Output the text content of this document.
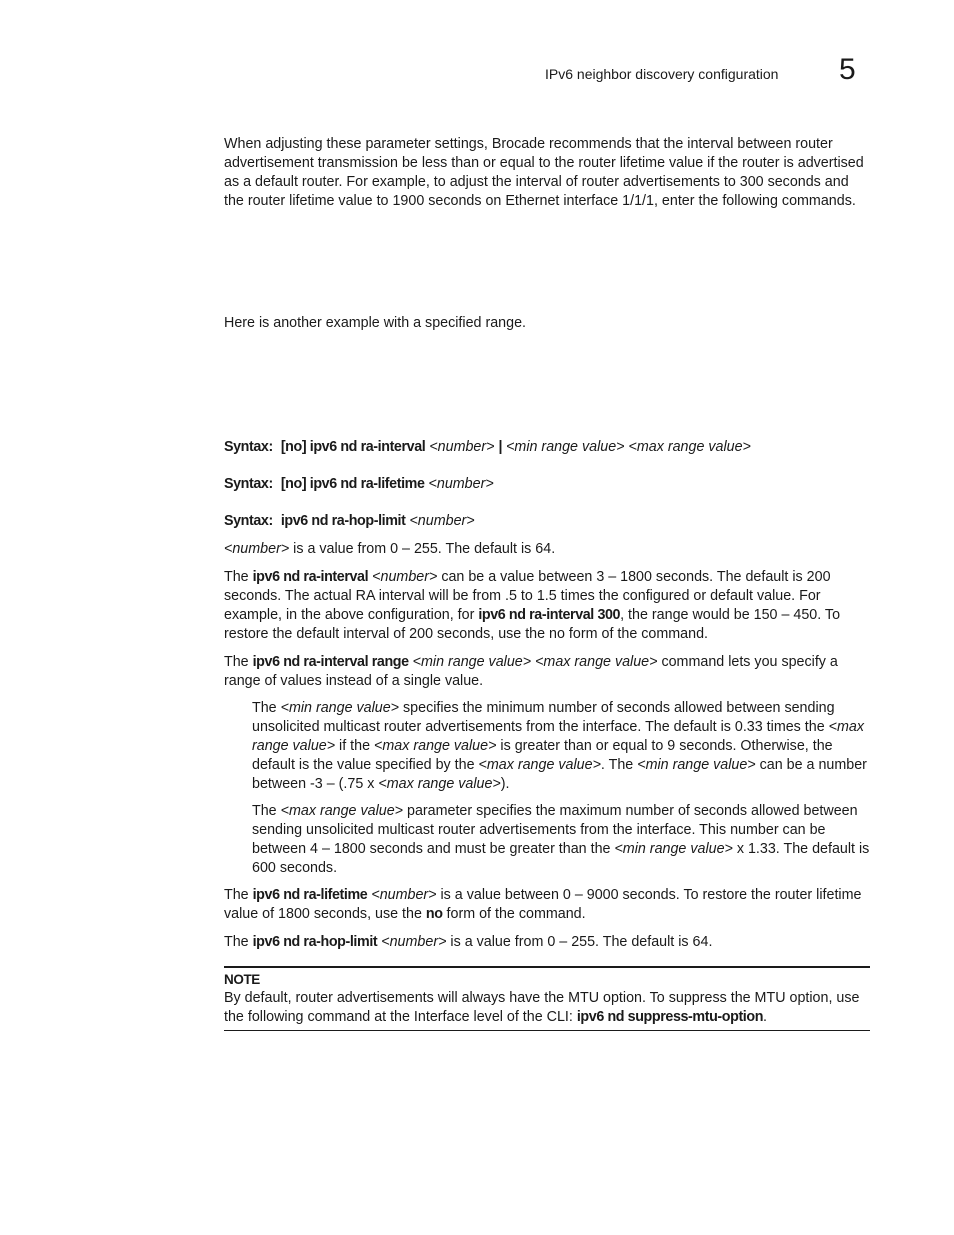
IPv6 neighbor discovery configuration 5

When adjusting these parameter settings, Brocade recommends that the interval between router advertisement transmission be less than or equal to the router lifetime value if the router is advertised as a default router. For example, to adjust the interval of router advertisements to 300 seconds and the router lifetime value to 1900 seconds on Ethernet interface 1/1/1, enter the following commands.

Here is another example with a specified range.

Syntax: [no] ipv6 nd ra-interval <number> | <min range value> <max range value>

Syntax: [no] ipv6 nd ra-lifetime <number>

Syntax: ipv6 nd ra-hop-limit <number>

<number> is a value from 0 – 255. The default is 64.

The ipv6 nd ra-interval <number> can be a value between 3 – 1800 seconds. The default is 200 seconds. The actual RA interval will be from .5 to 1.5 times the configured or default value. For example, in the above configuration, for ipv6 nd ra-interval 300, the range would be 150 – 450. To restore the default interval of 200 seconds, use the no form of the command.

The ipv6 nd ra-interval range <min range value> <max range value> command lets you specify a range of values instead of a single value.

The <min range value> specifies the minimum number of seconds allowed between sending unsolicited multicast router advertisements from the interface. The default is 0.33 times the <max range value> if the <max range value> is greater than or equal to 9 seconds. Otherwise, the default is the value specified by the <max range value>. The <min range value> can be a number between -3 – (.75 x <max range value>).

The <max range value> parameter specifies the maximum number of seconds allowed between sending unsolicited multicast router advertisements from the interface. This number can be between 4 – 1800 seconds and must be greater than the <min range value> x 1.33. The default is 600 seconds.

The ipv6 nd ra-lifetime <number> is a value between 0 – 9000 seconds. To restore the router lifetime value of 1800 seconds, use the no form of the command.

The ipv6 nd ra-hop-limit <number> is a value from 0 – 255. The default is 64.

NOTE

By default, router advertisements will always have the MTU option. To suppress the MTU option, use the following command at the Interface level of the CLI: ipv6 nd suppress-mtu-option.
